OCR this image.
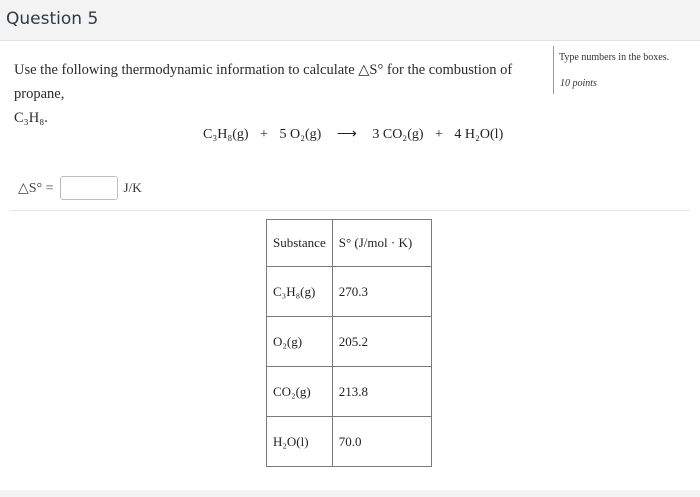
Question 5
Use the following thermodynamic information to calculate △S° for the combustion of propane,
C₃H₈.
Type numbers in the boxes.
10 points
C₃H₈(g) + 5 O₂(g) ⟶ 3 CO₂(g) + 4 H₂O(l)
△S° =	J/K
Substance	S° (J/mol · K)
C₃H₈(g)	270.3
O₂(g)	205.2
CO₂(g)	213.8
H₂O(l)	70.0
